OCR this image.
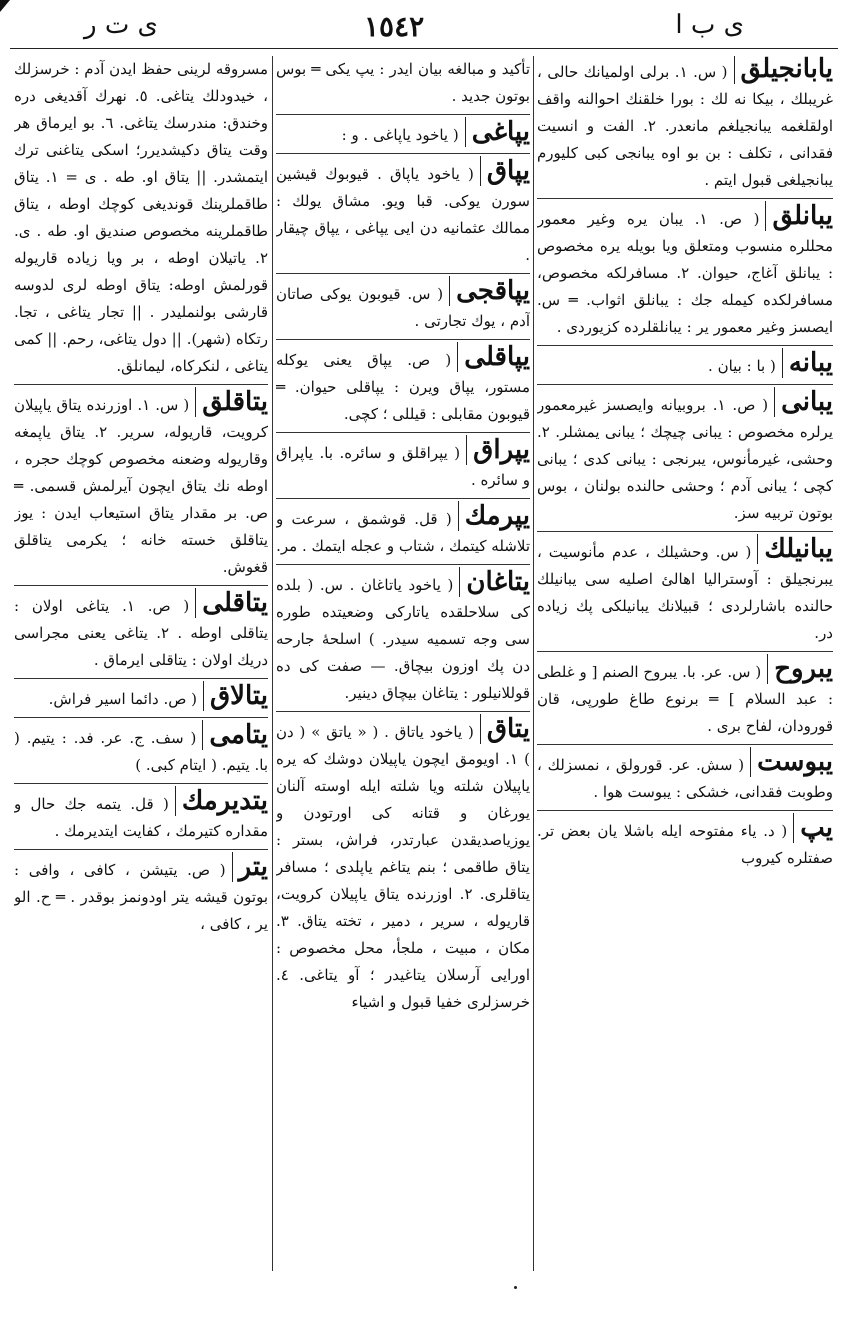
ی ت ر	١٥٤٢	ی ب ا
یابانجیلق( س. ١. برلی اولمیانك حالی ، غریبلك ، بیکا نه لك : بورا خلقنك احوالنه واقف اولقلغمه یبانجیلغم مانعدر. ٢. الفت و انسیت فقدانی ، تکلف : بن بو اوه یبانجی کبی کلیورم یبانجیلغی قبول ایتم .
یبانلق( ص. ١. یبان یره وغیر معمور محللره منسوب ومتعلق ویا بویله یره مخصوص : یبانلق آغاج، حیوان. ٢. مسافرلکه مخصوص، مسافرلکده کیمله جك : یبانلق اثواب. ═ س. ایصسز وغیر معمور یر : یبانلقلرده کزیوردی .
یبانه( با : بیان .
یبانی( ص. ١. بروبیانه وایصسز غیرمعمور یرلره مخصوص : یبانی چیچك ؛ یبانی یمشلر. ٢. وحشی، غیرمأنوس، یبرنجی : یبانی کدی ؛ یبانی کچی ؛ یبانی آدم ؛ وحشی حالنده بولنان ، بوس بوتون تربیه سز.
یبانیلك( س. وحشیلك ، عدم مأنوسیت ، یبرنجیلق : آوستراليا اهالئ اصليه سی یبانیلك حالنده باشارلردی ؛ قبیلانك یبانیلکی پك زیاده در.
یبروح( س. عر. با. یبروح الصنم [ و غلطی : عبد السلام ] ═ برنوع طاغ طورپی، قان قورودان، لفاح بری .
یبوست( سش. عر. قورولق ، نمسزلك ، وطوبت فقدانی، خشکی : یبوست هوا .
یپ( د. یاء مفتوحه ایله باشلا یان بعض تر. صفتلره کیروب
تأکید و مبالغه بیان ایدر : یپ یکی ═ بوس بوتون جدید .
یپاغی( یاخود یاپاغی . و :
یپاق( یاخود یاپاق . قیوبوك قیشین سورن یوکی. قبا ویو. مشاق یولك : ممالك عثمانیه دن ایی یپاغی ، یپاق چیقار .
یپاقجی( س. قیوبون یوکی صاتان آدم ، یوك تجارتی .
یپاقلی( ص. یپاق یعنی یوکله مستور، یپاق ویرن : یپاقلی حیوان. ═ قیوبون مقابلی : قیللی ؛ کچی.
یپراق( یپراقلق و سائره. با. یاپراق و سائره .
یپرمك( قل. قوشمق ، سرعت و تلاشله کیتمك ، شتاب و عجله ایتمك . مر.
یتاغان( یاخود یاتاغان . س. ( بلده کی سلاحلقده یاتارکی وضعیتده طوره سی وجه تسمیه سیدر. ) اسلحهٔ جارحه دن پك اوزون بیچاق. — صفت کی ده قوللانیلور : یتاغان بیچاق دینیر.
یتاق( یاخود یاتاق . ( « یاتق » ( دن ) ١. اویومق ایچون یاپیلان دوشك که یره یاپیلان شلته ویا شلته ایله اوسته آلنان یورغان و قتانه کی اورتودن و یوزیاصدیقدن عبارتدر، فراش، بستر : یتاق طاقمی ؛ بنم یتاغم یاپلدی ؛ مسافر یتاقلری. ٢. اوزرنده یتاق یاپیلان کرویت، قاریوله ، سریر ، دمیر ، تخته یتاق. ٣. مکان ، مبیت ، ملجأ، محل مخصوص : اورایی آرسلان یتاغیدر ؛ آو یتاغی. ٤. خرسزلری خفیا قبول و اشیاء
مسروقه لرینی حفظ ایدن آدم : خرسزلك ، خیدودلك یتاغی. ٥. نهرك آقدیغی دره وخندق: مندرسك یتاغی. ٦. بو ایرماق هر وقت یتاق دکیشدیرر؛ اسکی یتاغنی ترك ایتمشدر. || یتاق او. طه . ی = ١. یتاق طاقملرینك قوندیغی کوچك اوطه ، یتاق طاقملرینه مخصوص صندیق او. طه . ی. ٢. یاتیلان اوطه ، بر ویا زیاده قاریوله قورلمش اوطه: یتاق اوطه لری لدوسه قارشی بولنملیدر . || تجار یتاغی ، تجا. رتکاه (شهر). || دول یتاغی، رحم. || کمی یتاغی ، لنکرکاه، لیمانلق.
یتاقلق( س. ١. اوزرنده یتاق یاپیلان کرویت، قاریوله، سریر. ٢. یتاق یاپمغه وقاریوله وضعنه مخصوص کوچك حجره ، اوطه نك یتاق ایچون آیرلمش قسمی. ═ ص. بر مقدار یتاق استیعاب ایدن : یوز یتاقلق خسته خانه ؛ یکرمی یتاقلق قغوش.
یتاقلی( ص. ١. یتاغی اولان : یتاقلی اوطه . ٢. یتاغی یعنی مجراسی دریك اولان : یتاقلی ایرماق .
یتالاق( ص. دائما اسیر فراش.
یتامی( سف. ج. عر. فد. : یتیم. ( با. یتیم. ( ایتام کبی. )
یتدیرمك( قل. یتمه جك حال و مقداره کتیرمك ، کفایت ایتدیرمك .
یتر( ص. یتیشن ، کافی ، وافی : بوتون قیشه یتر اودونمز بوقدر . ═ ح. الو یر ، کافی ،
